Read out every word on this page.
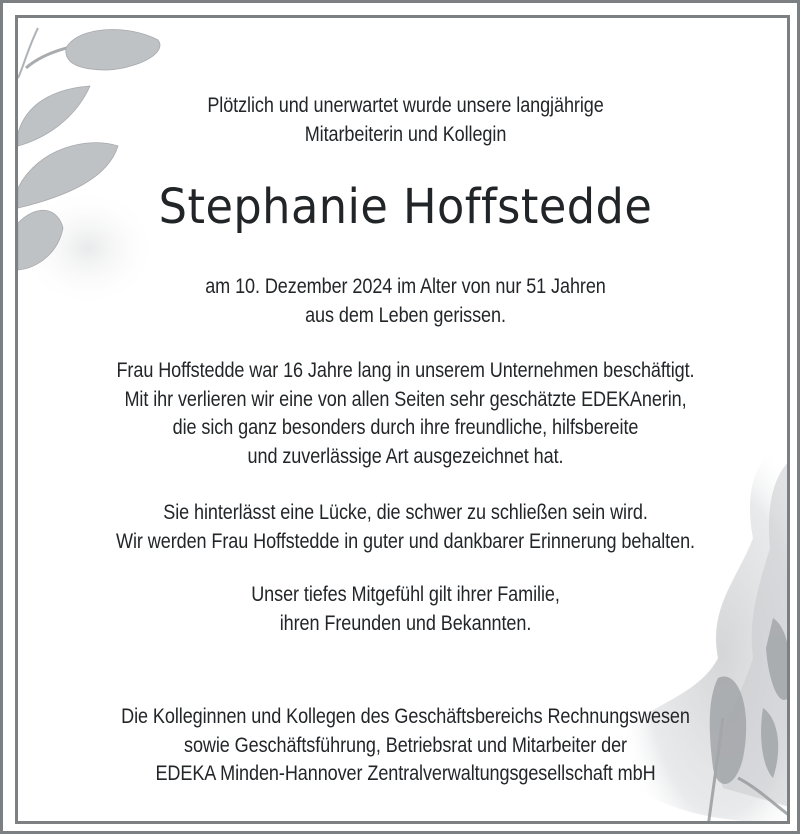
Plötzlich und unerwartet wurde unsere langjährige
Mitarbeiterin und Kollegin
Stephanie Hoffstedde
am 10. Dezember 2024 im Alter von nur 51 Jahren
aus dem Leben gerissen.
Frau Hoffstedde war 16 Jahre lang in unserem Unternehmen beschäftigt.
Mit ihr verlieren wir eine von allen Seiten sehr geschätzte EDEKAnerin,
die sich ganz besonders durch ihre freundliche, hilfsbereite
und zuverlässige Art ausgezeichnet hat.
Sie hinterlässt eine Lücke, die schwer zu schließen sein wird.
Wir werden Frau Hoffstedde in guter und dankbarer Erinnerung behalten.
Unser tiefes Mitgefühl gilt ihrer Familie,
ihren Freunden und Bekannten.
Die Kolleginnen und Kollegen des Geschäftsbereichs Rechnungswesen
sowie Geschäftsführung, Betriebsrat und Mitarbeiter der
EDEKA Minden-Hannover Zentralverwaltungsgesellschaft mbH
